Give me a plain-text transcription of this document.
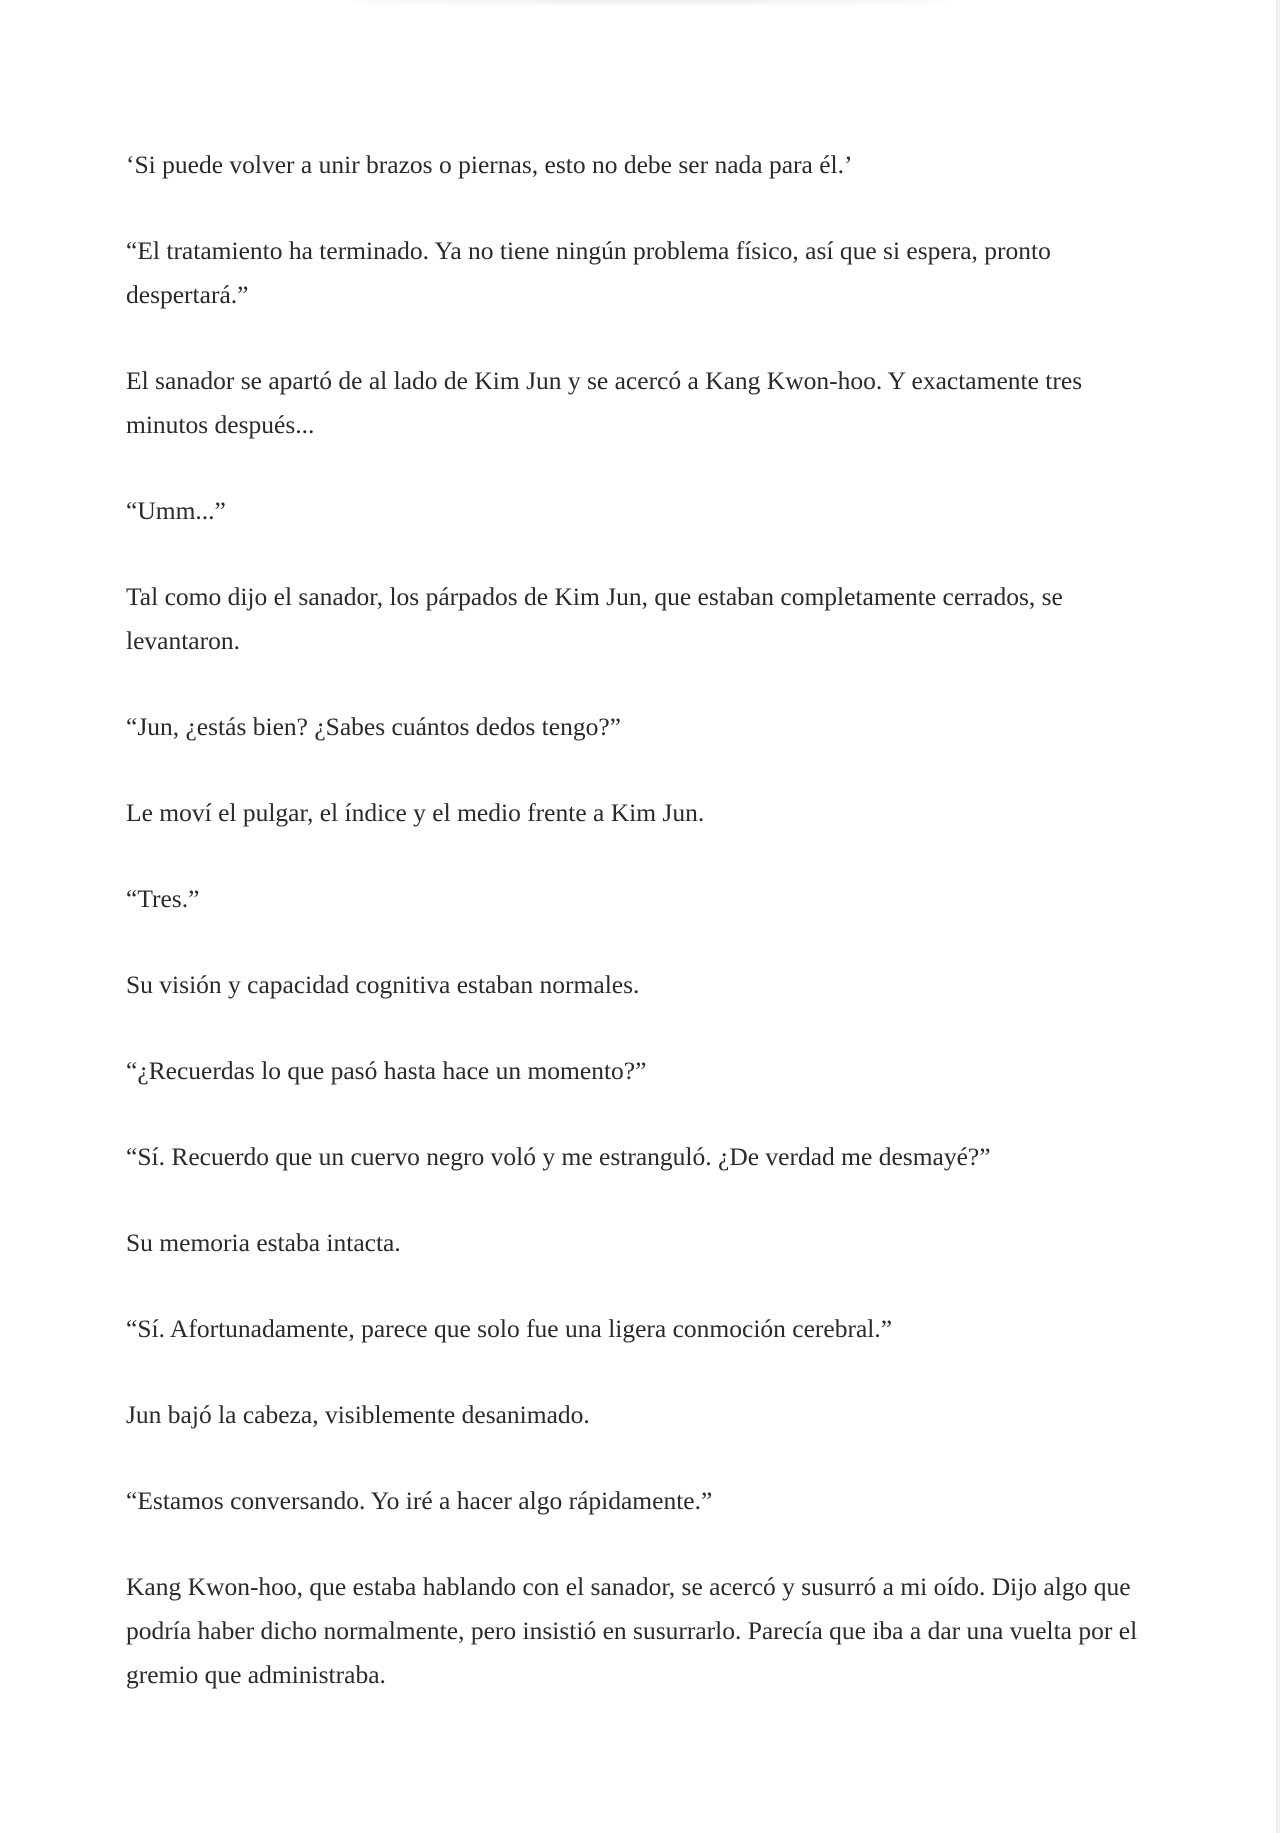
‘Si puede volver a unir brazos o piernas, esto no debe ser nada para él.’

“El tratamiento ha terminado. Ya no tiene ningún problema físico, así que si espera, pronto despertará.”

El sanador se apartó de al lado de Kim Jun y se acercó a Kang Kwon-hoo. Y exactamente tres minutos después...

“Umm...”

Tal como dijo el sanador, los párpados de Kim Jun, que estaban completamente cerrados, se levantaron.

“Jun, ¿estás bien? ¿Sabes cuántos dedos tengo?”

Le moví el pulgar, el índice y el medio frente a Kim Jun.

“Tres.”

Su visión y capacidad cognitiva estaban normales.

“¿Recuerdas lo que pasó hasta hace un momento?”

“Sí. Recuerdo que un cuervo negro voló y me estranguló. ¿De verdad me desmayé?”

Su memoria estaba intacta.

“Sí. Afortunadamente, parece que solo fue una ligera conmoción cerebral.”

Jun bajó la cabeza, visiblemente desanimado.

“Estamos conversando. Yo iré a hacer algo rápidamente.”

Kang Kwon-hoo, que estaba hablando con el sanador, se acercó y susurró a mi oído. Dijo algo que podría haber dicho normalmente, pero insistió en susurrarlo. Parecía que iba a dar una vuelta por el gremio que administraba.
